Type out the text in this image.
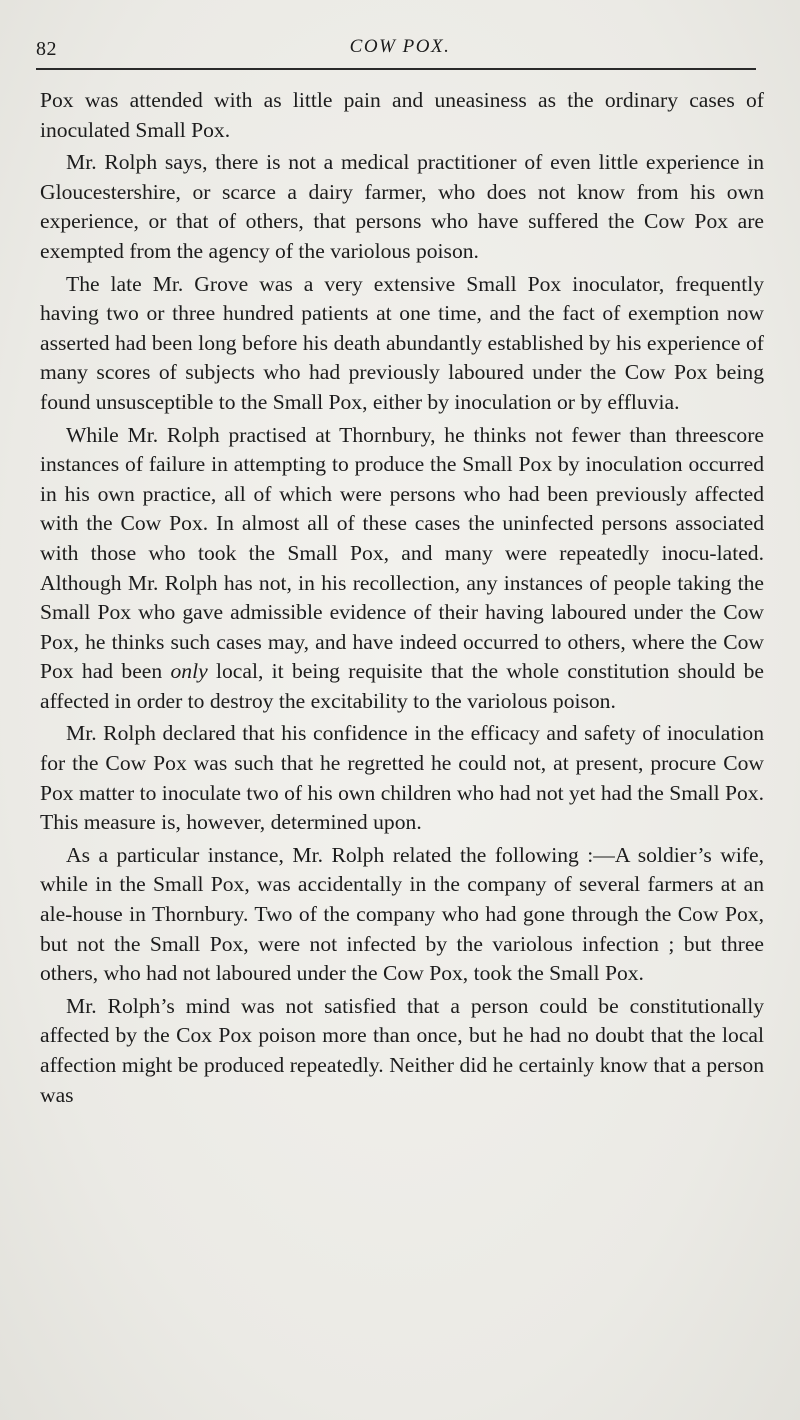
82	COW POX.

Pox was attended with as little pain and uneasiness as the ordinary cases of inoculated Small Pox.

Mr. Rolph says, there is not a medical practitioner of even little experience in Gloucestershire, or scarce a dairy farmer, who does not know from his own experience, or that of others, that persons who have suffered the Cow Pox are exempted from the agency of the variolous poison.

The late Mr. Grove was a very extensive Small Pox inoculator, frequently having two or three hundred patients at one time, and the fact of exemption now asserted had been long before his death abundantly established by his experience of many scores of subjects who had previously laboured under the Cow Pox being found unsusceptible to the Small Pox, either by inoculation or by effluvia.

While Mr. Rolph practised at Thornbury, he thinks not fewer than threescore instances of failure in attempting to produce the Small Pox by inoculation occurred in his own practice, all of which were persons who had been previously affected with the Cow Pox. In almost all of these cases the uninfected persons associated with those who took the Small Pox, and many were repeatedly inocu-lated. Although Mr. Rolph has not, in his recollection, any instances of people taking the Small Pox who gave admissible evidence of their having laboured under the Cow Pox, he thinks such cases may, and have indeed occurred to others, where the Cow Pox had been only local, it being requisite that the whole constitution should be affected in order to destroy the excitability to the variolous poison.

Mr. Rolph declared that his confidence in the efficacy and safety of inoculation for the Cow Pox was such that he regretted he could not, at present, procure Cow Pox matter to inoculate two of his own children who had not yet had the Small Pox. This measure is, however, determined upon.

As a particular instance, Mr. Rolph related the following :—A soldier’s wife, while in the Small Pox, was accidentally in the company of several farmers at an ale-house in Thornbury. Two of the company who had gone through the Cow Pox, but not the Small Pox, were not infected by the variolous infection ; but three others, who had not laboured under the Cow Pox, took the Small Pox.

Mr. Rolph’s mind was not satisfied that a person could be constitutionally affected by the Cox Pox poison more than once, but he had no doubt that the local affection might be produced repeatedly. Neither did he certainly know that a person was
